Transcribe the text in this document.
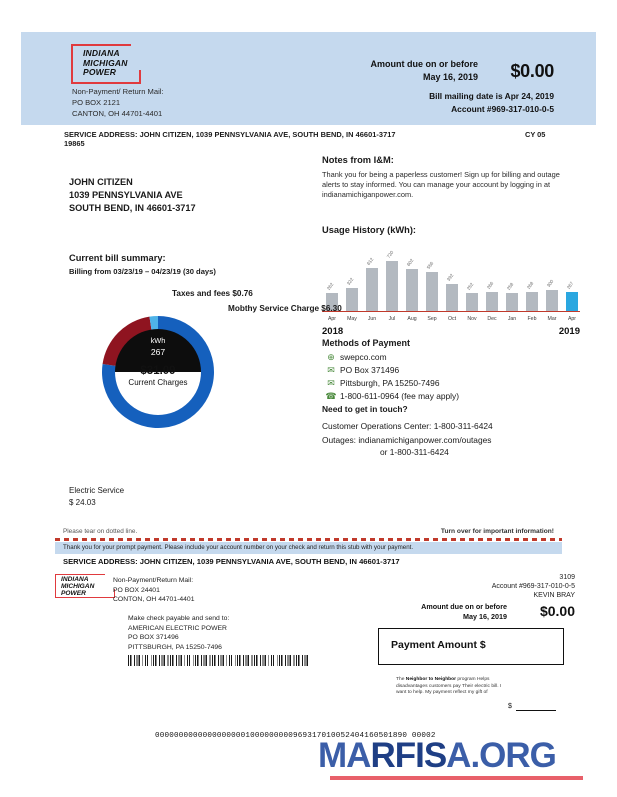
INDIANA
MICHIGAN
POWER
Non-Payment/ Return Mail:
PO BOX 2121
CANTON, OH 44701-4401
Amount due on or before
May 16, 2019 $0.00
Bill mailing date is Apr 24, 2019
Account #969-317-010-0-5
SERVICE ADDRESS: JOHN CITIZEN, 1039 PENNSYLVANIA AVE, SOUTH BEND, IN 46601-3717	CY 05
19865
JOHN CITIZEN
1039 PENNSYLVANIA AVE
SOUTH BEND, IN 46601-3717
Notes from I&M:
Thank you for being a paperless customer! Sign up for billing and outage alerts to stay informed. You can manage your account by logging in at indianamichiganpower.com.
Usage History (kWh):
262	322
612
720
602	556
392
252	266	258	268	300	267
Apr	May	Jun	Jul	Aug	Sep	Oct	Nov	Dec	Jan	Feb	Mar	Apr
2018	2019
Current bill summary:
Billing from 03/23/19 – 04/23/19 (30 days)
Taxes and fees $0.76
Mobthy Service Charge $6.30
kWh
267
$31.09
Current Charges
Electric Service
$ 24.03
Methods of Payment
⊕ swepco.com
✉ PO Box 371496
✉ Pittsburgh, PA 15250-7496
☎ 1-800-611-0964 (fee may apply)
Need to get in touch?
Customer Operations Center: 1-800-311-6424
Outages: indianamichiganpower.com/outages
or 1-800-311-6424
Please tear on dotted line.	Turn over for important information!
Thank you for your prompt payment. Please include your account number on your check and return this stub with your payment.
SERVICE ADDRESS: JOHN CITIZEN, 1039 PENNSYLVANIA AVE, SOUTH BEND, IN 46601-3717
INDIANA
MICHIGAN
POWER
Non-Payment/Return Mail:
PO BOX 24401
CONTON, OH 44701-4401
Make check payable and send to:
AMERICAN ELECTRIC POWER
PO BOX 371496
PITTSBURGH, PA 15250-7496
3109
Account #969-317-010-0-5
KEVIN BRAY
Amount due on or before
May 16, 2019 $0.00
Payment Amount $
The Neighbor to Neighbor program Helps disadvantages customers pay Their electric bill. I want to help. My payment reflect my gift of
$
00000000000000000001000000000969317010052404160501890 00002
MARFISA.ORG
